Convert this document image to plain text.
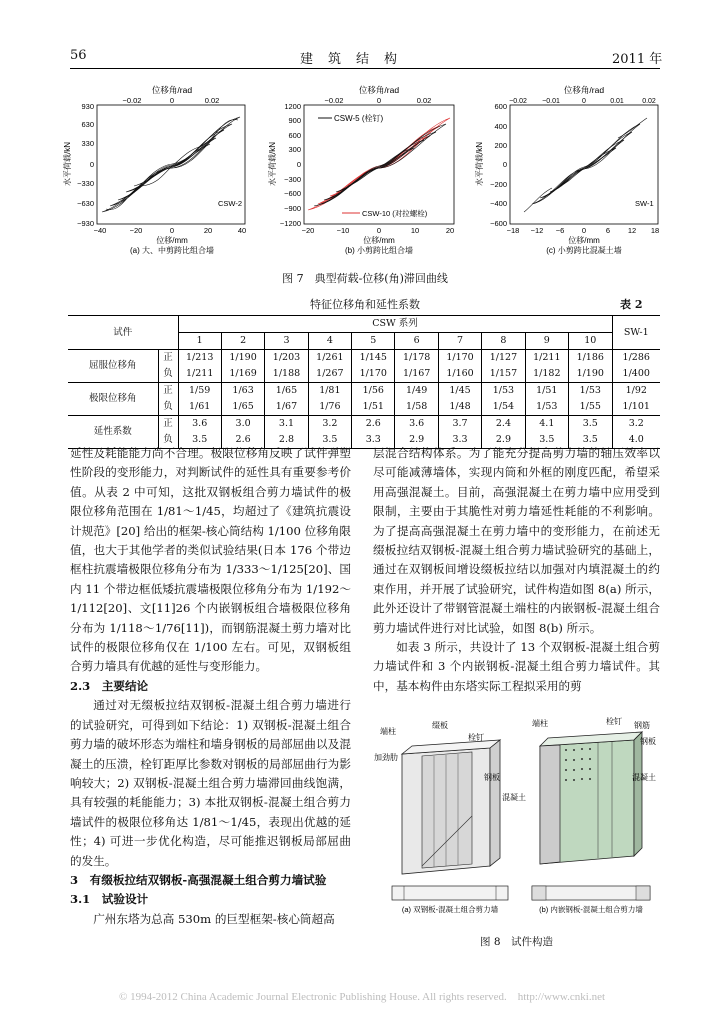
56	建　筑　结　构	2011 年
位移角/rad
−0.02	0	0.02
930
630
330
0
−330
−630
−930
水平荷载/kN
−40	−20	0	20	40
位移/mm
(a) 大、中剪跨比组合墙
CSW-2
位移角/rad
−0.02	0	0.02
1200
900
600
300
0
−300
−600
−900
−1200
水平荷载/kN
−20	−10	0	10	20
位移/mm
(b) 小剪跨比组合墙
CSW-5 (栓钉)
CSW-10 (对拉螺栓)
位移角/rad
−0.02 −0.01	0	0.01	0.02
600
400
200
0
−200
−400
−600
水平荷载/kN
−18 −12 −6 0	6 12 18
位移/mm
(c) 小剪跨比混凝土墙
SW-1
图 7　典型荷载-位移(角)滞回曲线
特征位移角和延性系数	表 2
试件		CSW 系列										SW-1
		1	2	3	4	5	6	7	8	9	10	
屈服位移角	正	1/213	1/190	1/203	1/261	1/145	1/178	1/170	1/127	1/211	1/186	1/286
	负	1/211	1/169	1/188	1/267	1/170	1/167	1/160	1/157	1/182	1/190	1/400
极限位移角	正	1/59	1/63	1/65	1/81	1/56	1/49	1/45	1/53	1/51	1/53	1/92
	负	1/61	1/65	1/67	1/76	1/51	1/58	1/48	1/54	1/53	1/55	1/101
延性系数	正	3.6	3.0	3.1	3.2	2.6	3.6	3.7	2.4	4.1	3.5	3.2
	负	3.5	2.6	2.8	3.5	3.3	2.9	3.3	2.9	3.5	3.5	4.0

延性及耗能能力尚不合理。极限位移角反映了试件弹塑性阶段的变形能力，对判断试件的延性具有重要参考价值。从表 2 中可知，这批双钢板组合剪力墙试件的极限位移角范围在 1/81～1/45，均超过了《建筑抗震设计规范》[20] 给出的框架-核心筒结构 1/100 位移角限值，也大于其他学者的类似试验结果(日本 176 个带边框柱抗震墙极限位移角分布为 1/333～1/125[20]、国内 11 个带边框低矮抗震墙极限位移角分布为 1/192～1/112[20]、文[11]26 个内嵌钢板组合墙极限位移角分布为 1/118～1/76[11])，而钢筋混凝土剪力墙对比试件的极限位移角仅在 1/100 左右。可见，双钢板组合剪力墙具有优越的延性与变形能力。

2.3　主要结论

通过对无缀板拉结双钢板-混凝土组合剪力墙进行的试验研究，可得到如下结论：1) 双钢板-混凝土组合剪力墙的破坏形态为端柱和墙身钢板的局部屈曲以及混凝土的压溃，栓钉距厚比参数对钢板的局部屈曲行为影响较大；2) 双钢板-混凝土组合剪力墙滞回曲线饱满，具有较强的耗能能力；3) 本批双钢板-混凝土组合剪力墙试件的极限位移角达 1/81～1/45，表现出优越的延性；4) 可进一步优化构造，尽可能推迟钢板局部屈曲的发生。

3　有缀板拉结双钢板-高强混凝土组合剪力墙试验
3.1　试验设计

广州东塔为总高 530m 的巨型框架-核心筒超高

层混合结构体系。为了能充分提高剪力墙的轴压效率以尽可能减薄墙体，实现内筒和外框的刚度匹配，希望采用高强混凝土。目前，高强混凝土在剪力墙中应用受到限制，主要由于其脆性对剪力墙延性耗能的不利影响。为了提高高强混凝土在剪力墙中的变形能力，在前述无缀板拉结双钢板-混凝土组合剪力墙试验研究的基础上，通过在双钢板间增设缀板拉结以加强对内填混凝土的约束作用，并开展了试验研究，试件构造如图 8(a) 所示，此外还设计了带钢管混凝土端柱的内嵌钢板-混凝土组合剪力墙试件进行对比试验，如图 8(b) 所示。

如表 3 所示，共设计了 13 个双钢板-混凝土组合剪力墙试件和 3 个内嵌钢板-混凝土组合剪力墙试件。其中，基本构件由东塔实际工程拟采用的剪

端柱
缀板
栓钉
加劲肋
钢板
混凝土
(a) 双钢板-混凝土组合剪力墙
端柱	栓钉 钢筋
钢板
混凝土
(b) 内嵌钢板-混凝土组合剪力墙
图 8　试件构造
© 1994-2012 China Academic Journal Electronic Publishing House. All rights reserved.　http://www.cnki.net
